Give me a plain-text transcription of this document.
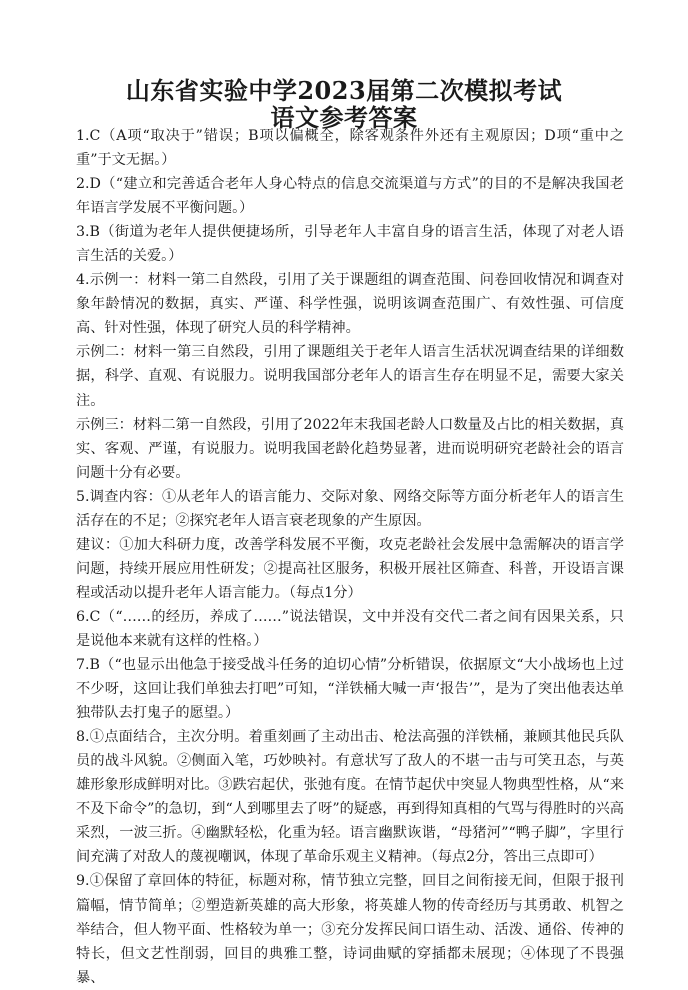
山东省实验中学2023届第二次模拟考试
语文参考答案

1.C（A项“取决于”错误；B项以偏概全，除客观条件外还有主观原因；D项“重中之重”于文无据。）

2.D（“建立和完善适合老年人身心特点的信息交流渠道与方式”的目的不是解决我国老年语言学发展不平衡问题。）

3.B（街道为老年人提供便捷场所，引导老年人丰富自身的语言生活，体现了对老人语言生活的关爱。）

4.示例一：材料一第二自然段，引用了关于课题组的调查范围、问卷回收情况和调查对象年龄情况的数据，真实、严谨、科学性强，说明该调查范围广、有效性强、可信度高、针对性强，体现了研究人员的科学精神。

示例二：材料一第三自然段，引用了课题组关于老年人语言生活状况调查结果的详细数据，科学、直观、有说服力。说明我国部分老年人的语言生存在明显不足，需要大家关注。

示例三：材料二第一自然段，引用了2022年末我国老龄人口数量及占比的相关数据，真实、客观、严谨，有说服力。说明我国老龄化趋势显著，进而说明研究老龄社会的语言问题十分有必要。

5.调查内容：①从老年人的语言能力、交际对象、网络交际等方面分析老年人的语言生活存在的不足；②探究老年人语言衰老现象的产生原因。

建议：①加大科研力度，改善学科发展不平衡，攻克老龄社会发展中急需解决的语言学问题，持续开展应用性研发；②提高社区服务，积极开展社区筛查、科普，开设语言课程或活动以提升老年人语言能力。（每点1分）

6.C（“……的经历，养成了……”说法错误，文中并没有交代二者之间有因果关系，只是说他本来就有这样的性格。）

7.B（“也显示出他急于接受战斗任务的迫切心情”分析错误，依据原文“大小战场也上过不少呀，这回让我们单独去打吧”可知，“洋铁桶大喊一声‘报告’”，是为了突出他表达单独带队去打鬼子的愿望。）

8.①点面结合，主次分明。着重刻画了主动出击、枪法高强的洋铁桶，兼顾其他民兵队员的战斗风貌。②侧面入笔，巧妙映衬。有意状写了敌人的不堪一击与可笑丑态，与英雄形象形成鲜明对比。③跌宕起伏，张弛有度。在情节起伏中突显人物典型性格，从“来不及下命令”的急切，到“人到哪里去了呀”的疑惑，再到得知真相的气骂与得胜时的兴高采烈，一波三折。④幽默轻松，化重为轻。语言幽默诙谐，“母猪河”“鸭子脚”，字里行间充满了对敌人的蔑视嘲讽，体现了革命乐观主义精神。（每点2分，答出三点即可）

9.①保留了章回体的特征，标题对称，情节独立完整，回目之间衔接无间，但限于报刊篇幅，情节简单；②塑造新英雄的高大形象，将英雄人物的传奇经历与其勇敢、机智之举结合，但人物平面、性格较为单一；③充分发挥民间口语生动、活泼、通俗、传神的特长，但文艺性削弱，回目的典雅工整，诗词曲赋的穿插都未展现；④体现了不畏强暴、
